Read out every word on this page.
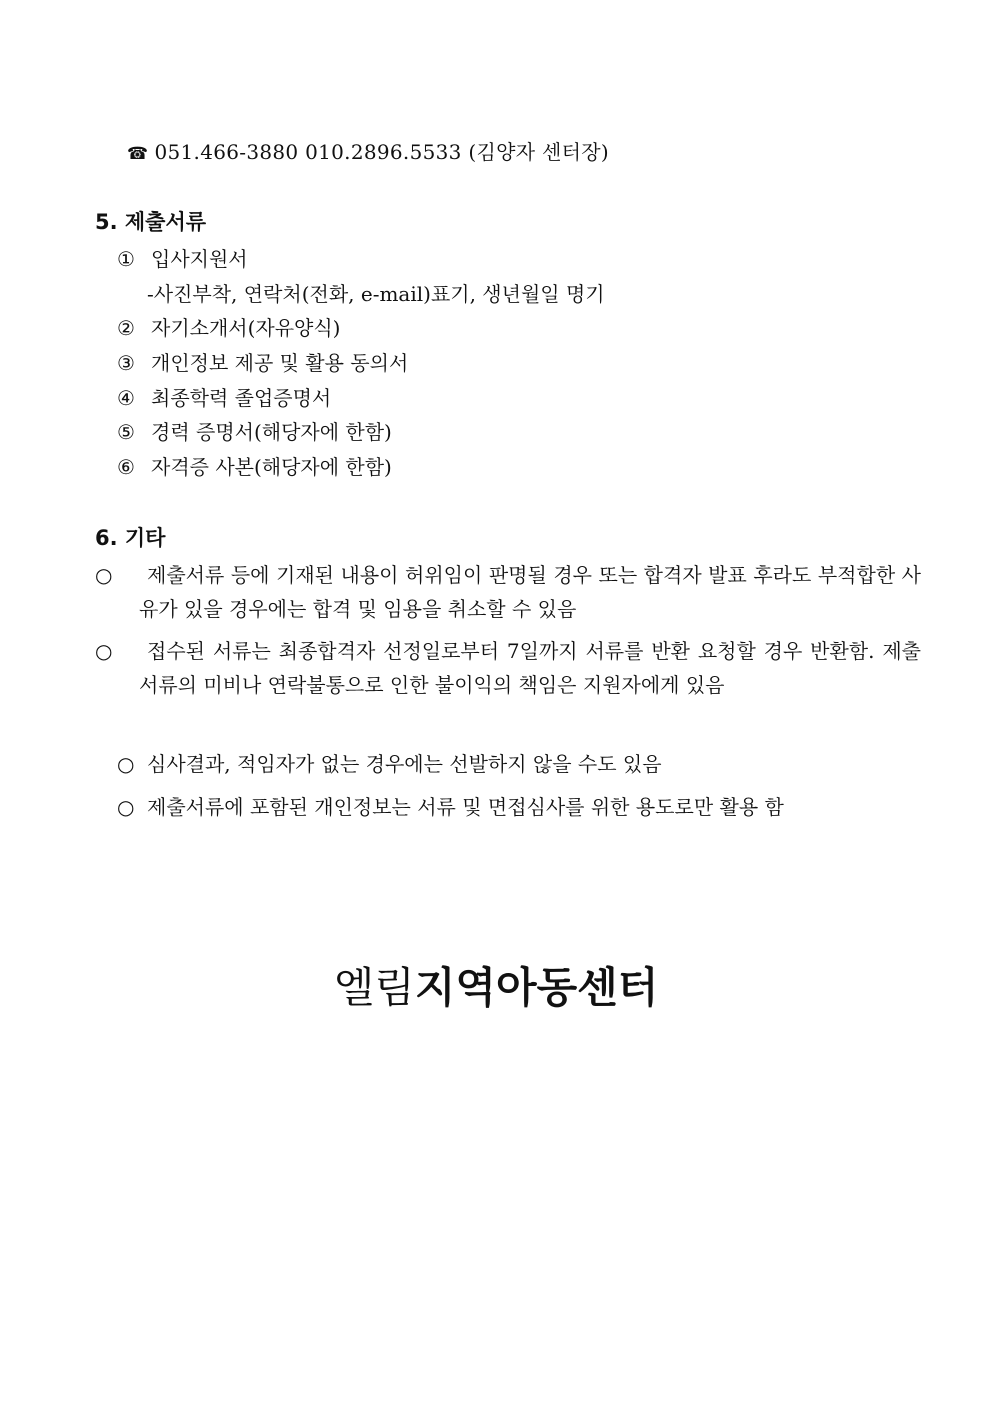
☎ 051.466-3880 010.2896.5533 (김양자 센터장)
5. 제출서류
① 입사지원서
-사진부착, 연락처(전화, e-mail)표기, 생년월일 명기
② 자기소개서(자유양식)
③ 개인정보 제공 및 활용 동의서
④ 최종학력 졸업증명서
⑤ 경력 증명서(해당자에 한함)
⑥ 자격증 사본(해당자에 한함)
6. 기타
○ 제출서류 등에 기재된 내용이 허위임이 판명될 경우 또는 합격자 발표 후라도 부적합한 사유가 있을 경우에는 합격 및 임용을 취소할 수 있음
○ 접수된 서류는 최종합격자 선정일로부터 7일까지 서류를 반환 요청할 경우 반환함. 제출 서류의 미비나 연락불통으로 인한 불이익의 책임은 지원자에게 있음
○ 심사결과, 적임자가 없는 경우에는 선발하지 않을 수도 있음
○ 제출서류에 포함된 개인정보는 서류 및 면접심사를 위한 용도로만 활용 함
엘림지역아동센터
